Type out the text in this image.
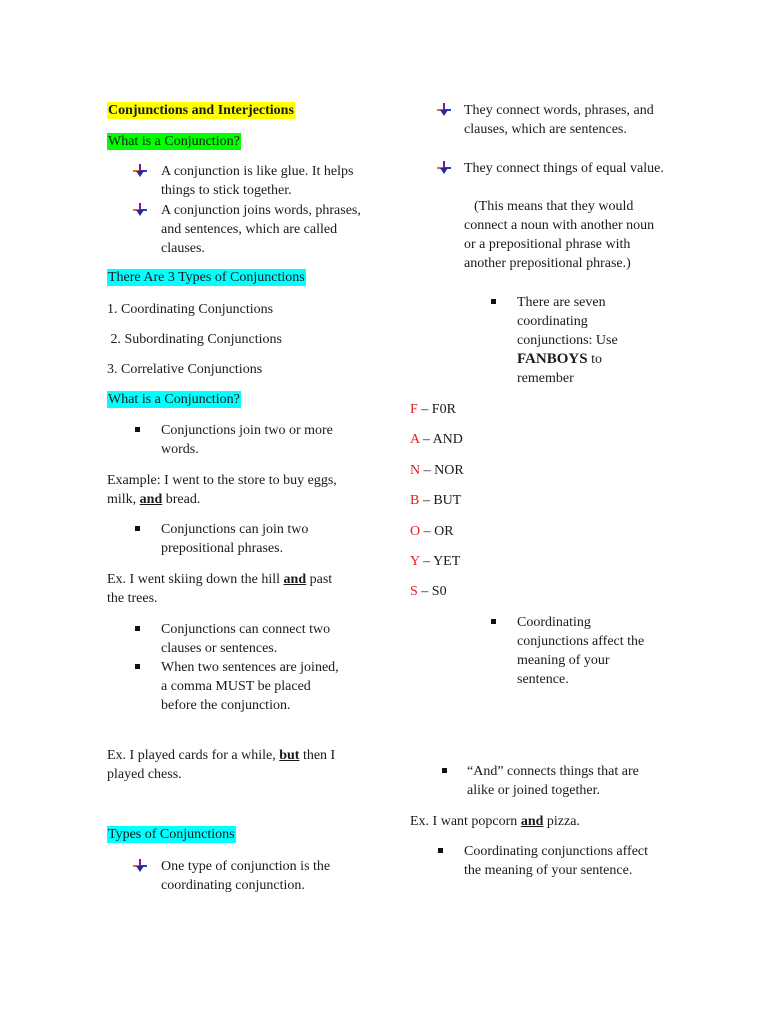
Conjunctions and Interjections
What is a Conjunction?
A conjunction is like glue. It helps things to stick together.
A conjunction joins words, phrases, and sentences, which are called clauses.
There Are 3 Types of Conjunctions
1. Coordinating Conjunctions
2. Subordinating Conjunctions
3. Correlative Conjunctions
What is a Conjunction?
Conjunctions join two or more words.
Example: I went to the store to buy eggs, milk, and bread.
Conjunctions can join two prepositional phrases.
Ex. I went skiing down the hill and past the trees.
Conjunctions can connect two clauses or sentences.
When two sentences are joined, a comma MUST be placed before the conjunction.
Ex. I played cards for a while, but then I played chess.
Types of Conjunctions
One type of conjunction is the coordinating conjunction.
They connect words, phrases, and clauses, which are sentences.
They connect things of equal value.
(This means that they would connect a noun with another noun or a prepositional phrase with another prepositional phrase.)
There are seven coordinating conjunctions: Use FANBOYS to remember
F – F0R
A – AND
N – NOR
B – BUT
O – OR
Y – YET
S – S0
Coordinating conjunctions affect the meaning of your sentence.
“And” connects things that are alike or joined together.
Ex. I want popcorn and pizza.
Coordinating conjunctions affect the meaning of your sentence.
